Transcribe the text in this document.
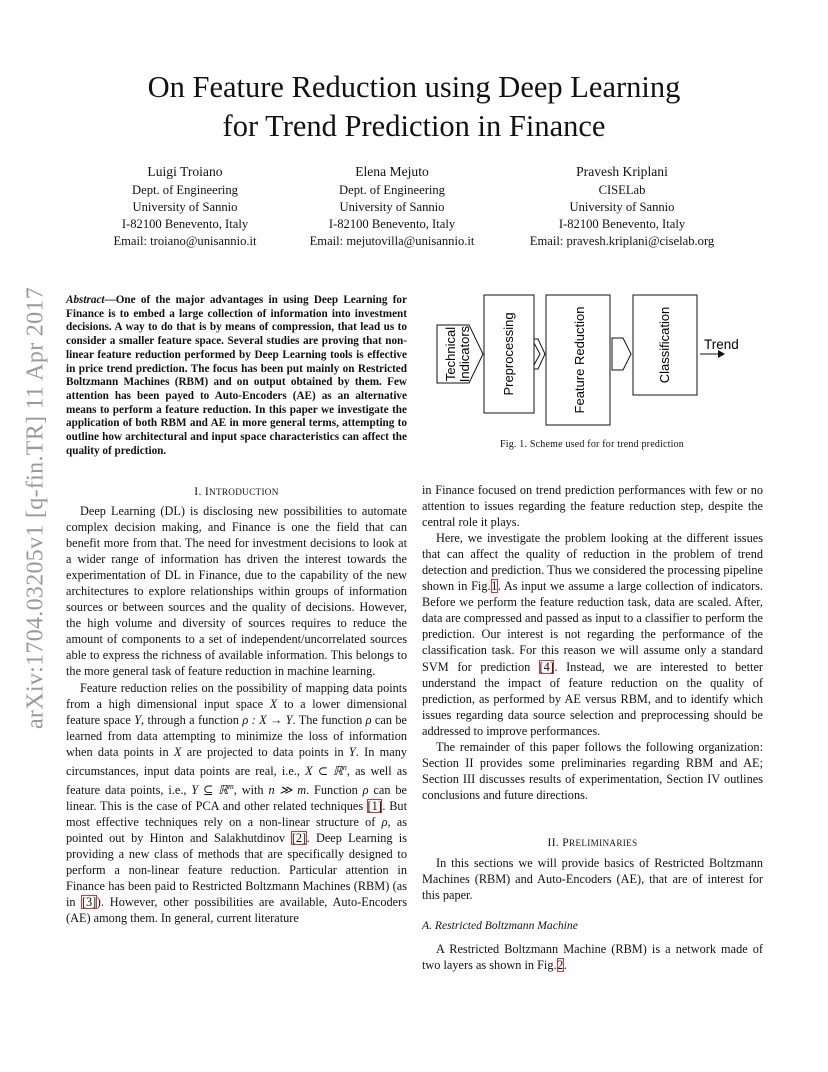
On Feature Reduction using Deep Learning
for Trend Prediction in Finance
Luigi Troiano
Dept. of Engineering
University of Sannio
I-82100 Benevento, Italy
Email: troiano@unisannio.it
Elena Mejuto
Dept. of Engineering
University of Sannio
I-82100 Benevento, Italy
Email: mejutovilla@unisannio.it
Pravesh Kriplani
CISELab
University of Sannio
I-82100 Benevento, Italy
Email: pravesh.kriplani@ciselab.org
arXiv:1704.03205v1 [q-fin.TR] 11 Apr 2017 Abstract—One of the major advantages in using Deep Learning for Finance is to embed a large collection of information into investment decisions. A way to do that is by means of compression, that lead us to consider a smaller feature space. Several studies are proving that non-linear feature reduction performed by Deep Learning tools is effective in price trend prediction. The focus has been put mainly on Restricted Boltzmann Machines (RBM) and on output obtained by them. Few attention has been payed to Auto-Encoders (AE) as an alternative means to perform a feature reduction. In this paper we investigate the application of both RBM and AE in more general terms, attempting to outline how architectural and input space characteristics can affect the quality of prediction.
Technical Indicators Preprocessing	Feature Reduction	Classification Trend
Fig. 1. Scheme used for for trend prediction
I. INTRODUCTION

Deep Learning (DL) is disclosing new possibilities to automate complex decision making, and Finance is one the field that can benefit more from that. The need for investment decisions to look at a wider range of information has driven the interest towards the experimentation of DL in Finance, due to the capability of the new architectures to explore relationships within groups of information sources or between sources and the quality of decisions. However, the high volume and diversity of sources requires to reduce the amount of components to a set of independent/uncorrelated sources able to express the richness of available information. This belongs to the more general task of feature reduction in machine learning.

Feature reduction relies on the possibility of mapping data points from a high dimensional input space X to a lower dimensional feature space Y, through a function ρ : X → Y. The function ρ can be learned from data attempting to minimize the loss of information when data points in X are projected to data points in Y. In many circumstances, input data points are real, i.e., X ⊂ ℝ$^n$, as well as feature data points, i.e., Y ⊆ ℝ$^m$, with n ≫ m. Function ρ can be linear. This is the case of PCA and other related techniques [1]. But most effective techniques rely on a non-linear structure of ρ, as pointed out by Hinton and Salakhutdinov [2]. Deep Learning is providing a new class of methods that are specifically designed to perform a non-linear feature reduction. Particular attention in Finance has been paid to Restricted Boltzmann Machines (RBM) (as in [3]). However, other possibilities are available, Auto-Encoders (AE) among them. In general, current literature

in Finance focused on trend prediction performances with few or no attention to issues regarding the feature reduction step, despite the central role it plays.

Here, we investigate the problem looking at the different issues that can affect the quality of reduction in the problem of trend detection and prediction. Thus we considered the processing pipeline shown in Fig.1. As input we assume a large collection of indicators. Before we perform the feature reduction task, data are scaled. After, data are compressed and passed as input to a classifier to perform the prediction. Our interest is not regarding the performance of the classification task. For this reason we will assume only a standard SVM for prediction [4]. Instead, we are interested to better understand the impact of feature reduction on the quality of prediction, as performed by AE versus RBM, and to identify which issues regarding data source selection and preprocessing should be addressed to improve performances.

The remainder of this paper follows the following organization: Section II provides some preliminaries regarding RBM and AE; Section III discusses results of experimentation, Section IV outlines conclusions and future directions.

II. PRELIMINARIES

In this sections we will provide basics of Restricted Boltzmann Machines (RBM) and Auto-Encoders (AE), that are of interest for this paper.

A. Restricted Boltzmann Machine

A Restricted Boltzmann Machine (RBM) is a network made of two layers as shown in Fig.2.
